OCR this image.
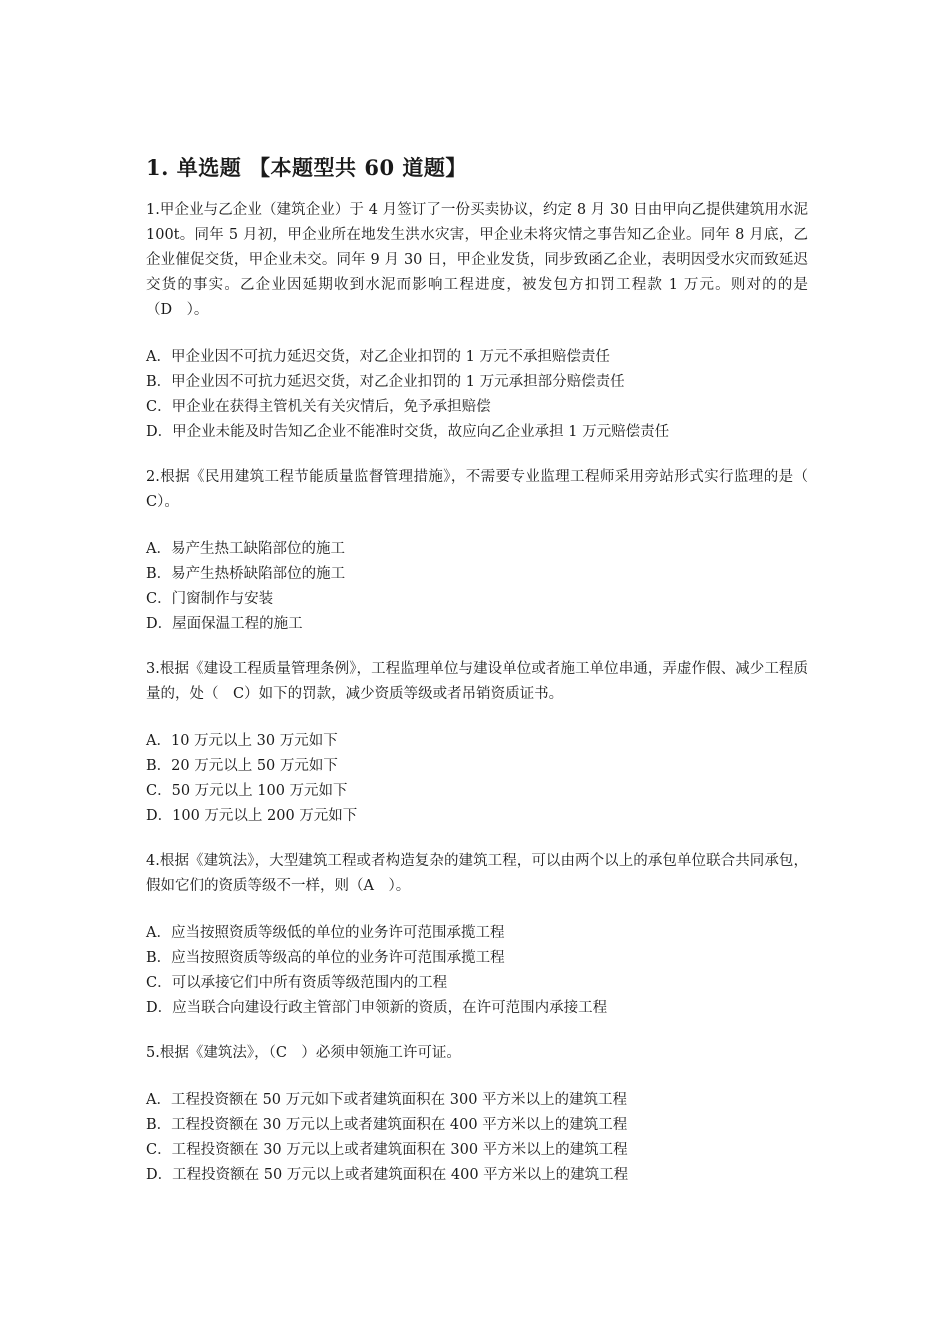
1. 单选题 【本题型共 60 道题】

1.甲企业与乙企业（建筑企业）于 4 月签订了一份买卖协议，约定 8 月 30 日由甲向乙提供建筑用水泥 100t。同年 5 月初，甲企业所在地发生洪水灾害，甲企业未将灾情之事告知乙企业。同年 8 月底，乙企业催促交货，甲企业未交。同年 9 月 30 日，甲企业发货，同步致函乙企业，表明因受水灾而致延迟交货的事实。乙企业因延期收到水泥而影响工程进度，被发包方扣罚工程款 1 万元。则对的的是（D　）。

A．甲企业因不可抗力延迟交货，对乙企业扣罚的 1 万元不承担赔偿责任
B．甲企业因不可抗力延迟交货，对乙企业扣罚的 1 万元承担部分赔偿责任
C．甲企业在获得主管机关有关灾情后，免予承担赔偿
D．甲企业未能及时告知乙企业不能准时交货，故应向乙企业承担 1 万元赔偿责任

2.根据《民用建筑工程节能质量监督管理措施》，不需要专业监理工程师采用旁站形式实行监理的是（　C）。

A．易产生热工缺陷部位的施工
B．易产生热桥缺陷部位的施工
C．门窗制作与安装
D．屋面保温工程的施工

3.根据《建设工程质量管理条例》，工程监理单位与建设单位或者施工单位串通，弄虚作假、减少工程质量的，处（　C）如下的罚款，减少资质等级或者吊销资质证书。

A．10 万元以上 30 万元如下
B．20 万元以上 50 万元如下
C．50 万元以上 100 万元如下
D．100 万元以上 200 万元如下

4.根据《建筑法》，大型建筑工程或者构造复杂的建筑工程，可以由两个以上的承包单位联合共同承包，假如它们的资质等级不一样，则（A　）。

A．应当按照资质等级低的单位的业务许可范围承揽工程
B．应当按照资质等级高的单位的业务许可范围承揽工程
C．可以承接它们中所有资质等级范围内的工程
D．应当联合向建设行政主管部门申领新的资质，在许可范围内承接工程

5.根据《建筑法》，（C　）必须申领施工许可证。

A．工程投资额在 50 万元如下或者建筑面积在 300 平方米以上的建筑工程
B．工程投资额在 30 万元以上或者建筑面积在 400 平方米以上的建筑工程
C．工程投资额在 30 万元以上或者建筑面积在 300 平方米以上的建筑工程
D．工程投资额在 50 万元以上或者建筑面积在 400 平方米以上的建筑工程
